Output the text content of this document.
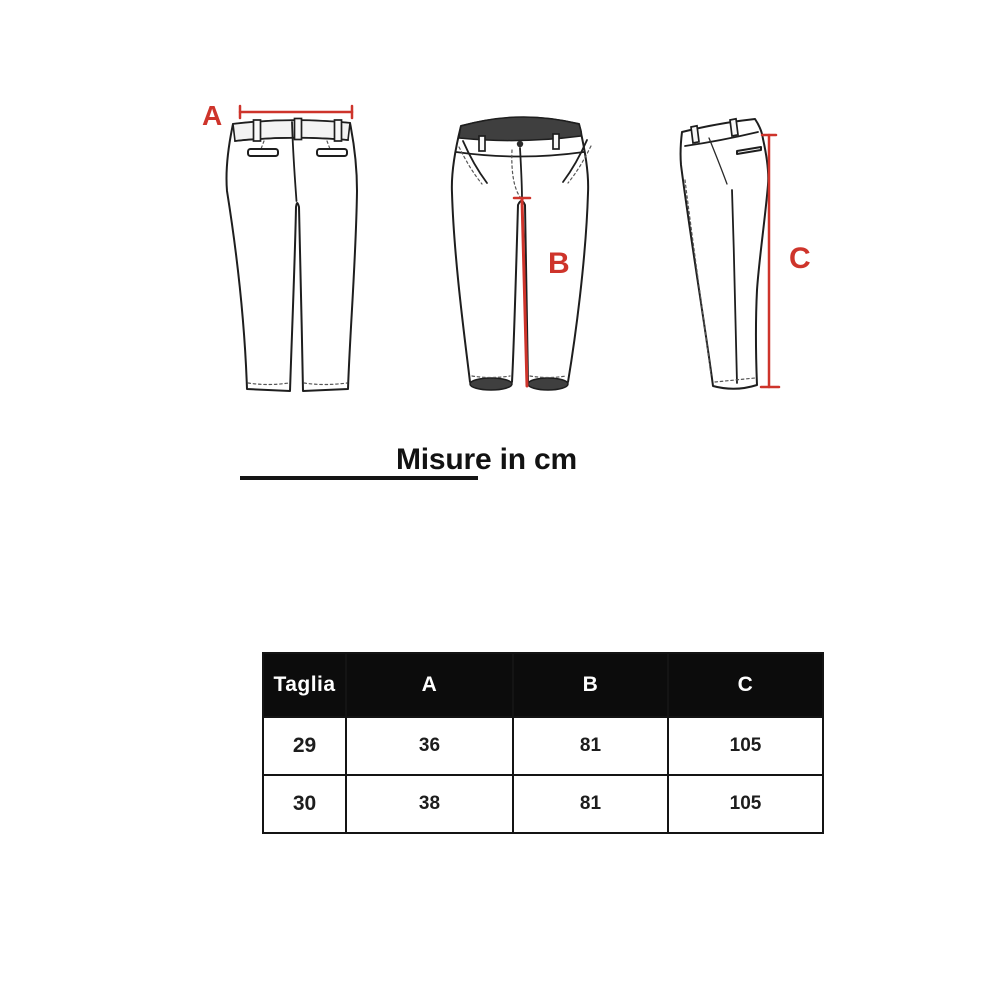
A
B	C
Misure in cm
Taglia	A	B	C
29	36	81	105
30	38	81	105
